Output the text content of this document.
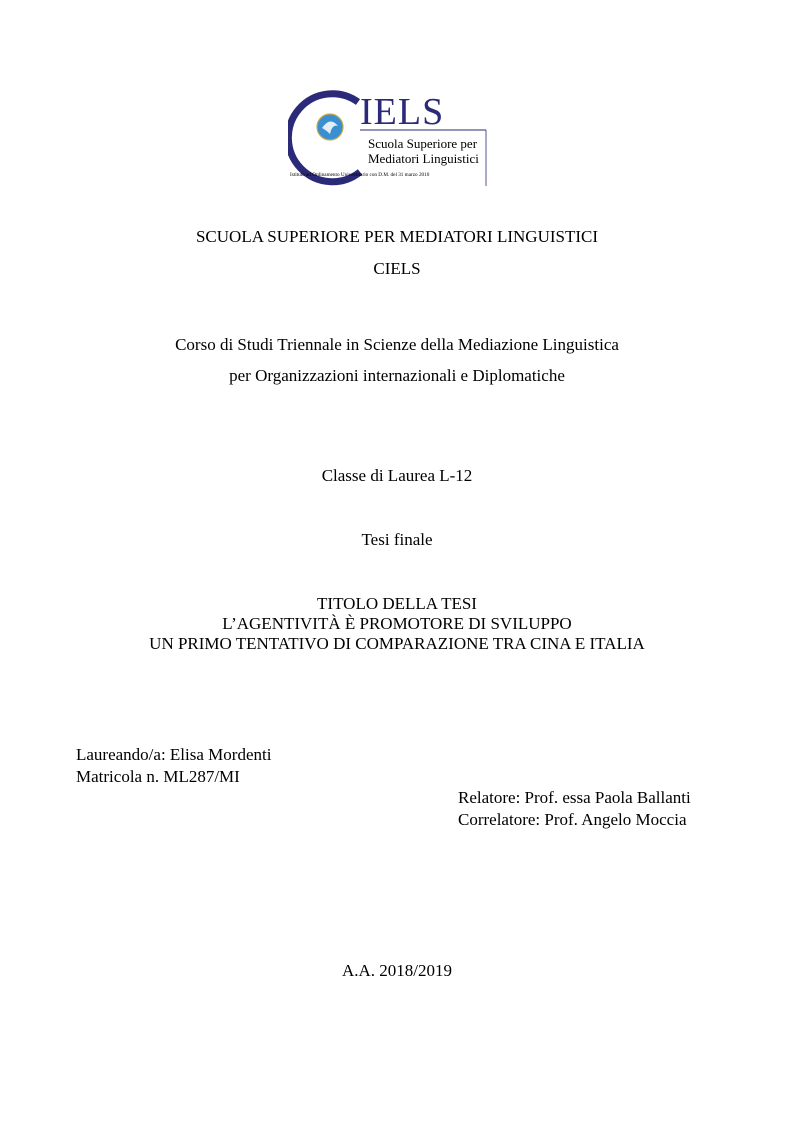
IELS
Scuola Superiore per
Mediatori Linguistici
Istituto ad Ordinamento Universitario con D.M. del 31 marzo 2010
SCUOLA SUPERIORE PER MEDIATORI LINGUISTICI
CIELS
Corso di Studi Triennale in Scienze della Mediazione Linguistica
per Organizzazioni internazionali e Diplomatiche
Classe di Laurea L-12
Tesi finale
TITOLO DELLA TESI
L’AGENTIVITÀ È PROMOTORE DI SVILUPPO
UN PRIMO TENTATIVO DI COMPARAZIONE TRA CINA E ITALIA
Laureando/a: Elisa Mordenti
Matricola n. ML287/MI
Relatore: Prof. essa Paola Ballanti
Correlatore: Prof. Angelo Moccia
A.A. 2018/2019
